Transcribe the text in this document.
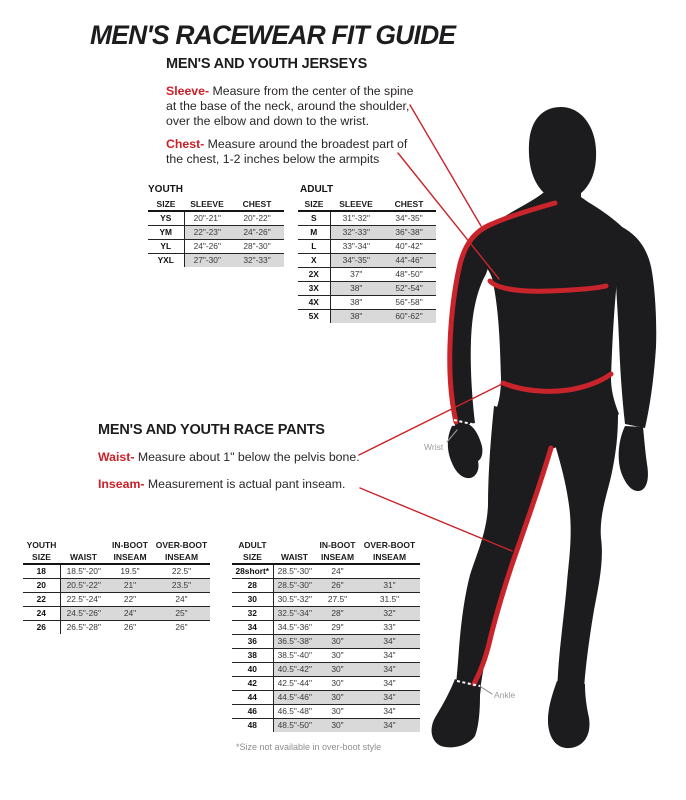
MEN'S RACEWEAR FIT GUIDE
MEN'S AND YOUTH JERSEYS

Sleeve- Measure from the center of the spine at the base of the neck, around the shoulder, over the elbow and down to the wrist.

Chest- Measure around the broadest part of the chest, 1-2 inches below the armpits

YOUTH
SIZE	SLEEVE	CHEST
YS	20"-21"	20"-22"
YM	22"-23"	24"-26"
YL	24"-26"	28"-30"
YXL	27"-30"	32"-33"
ADULT
SIZE	SLEEVE	CHEST
S	31"-32"	34"-35"
M	32"-33"	36"-38"
L	33"-34"	40"-42"
X	34"-35"	44"-46"
2X	37"	48"-50"
3X	38"	52"-54"
4X	38"	56"-58"
5X	38"	60"-62"
MEN'S AND YOUTH RACE PANTS

Waist- Measure about 1" below the pelvis bone.

Inseam- Measurement is actual pant inseam.

YOUTH		IN-BOOT	OVER-BOOT
SIZE	WAIST	INSEAM	INSEAM
18	18.5"-20"	19.5"	22.5"
20	20.5"-22"	21"	23.5"
22	22.5"-24"	22"	24"
24	24.5"-26"	24"	25"
26	26.5"-28"	26"	26"
ADULT		IN-BOOT	OVER-BOOT
SIZE	WAIST	INSEAM	INSEAM
28short*	28.5"-30"	24"	
28	28.5"-30"	26"	31"
30	30.5"-32"	27.5"	31.5"
32	32.5"-34"	28"	32"
34	34.5"-36"	29"	33"
36	36.5"-38"	30"	34"
38	38.5"-40"	30"	34"
40	40.5"-42"	30"	34"
42	42.5"-44"	30"	34"
44	44.5"-46"	30"	34"
46	46.5"-48"	30"	34"
48	48.5"-50"	30"	34"
*Size not available in over-boot style
Wrist
Ankle
